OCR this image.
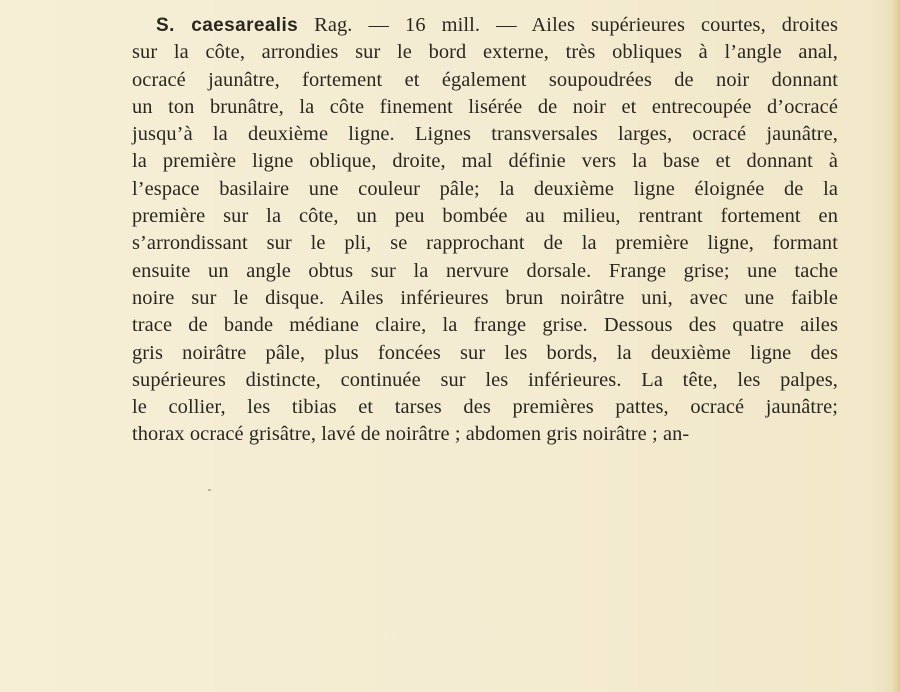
S. caesarealis Rag. — 16 mill. — Ailes supérieures courtes, droites
sur la côte, arrondies sur le bord externe, très obliques à l’angle anal,
ocracé jaunâtre, fortement et également soupoudrées de noir donnant
un ton brunâtre, la côte finement lisérée de noir et entrecoupée d’ocracé
jusqu’à la deuxième ligne. Lignes transversales larges, ocracé jaunâtre,
la première ligne oblique, droite, mal définie vers la base et donnant à
l’espace basilaire une couleur pâle; la deuxième ligne éloignée de la
première sur la côte, un peu bombée au milieu, rentrant fortement en
s’arrondissant sur le pli, se rapprochant de la première ligne, formant
ensuite un angle obtus sur la nervure dorsale. Frange grise; une tache
noire sur le disque. Ailes inférieures brun noirâtre uni, avec une faible
trace de bande médiane claire, la frange grise. Dessous des quatre ailes
gris noirâtre pâle, plus foncées sur les bords, la deuxième ligne des
supérieures distincte, continuée sur les inférieures. La tête, les palpes,
le collier, les tibias et tarses des premières pattes, ocracé jaunâtre;
thorax ocracé grisâtre, lavé de noirâtre ; abdomen gris noirâtre ; an-
